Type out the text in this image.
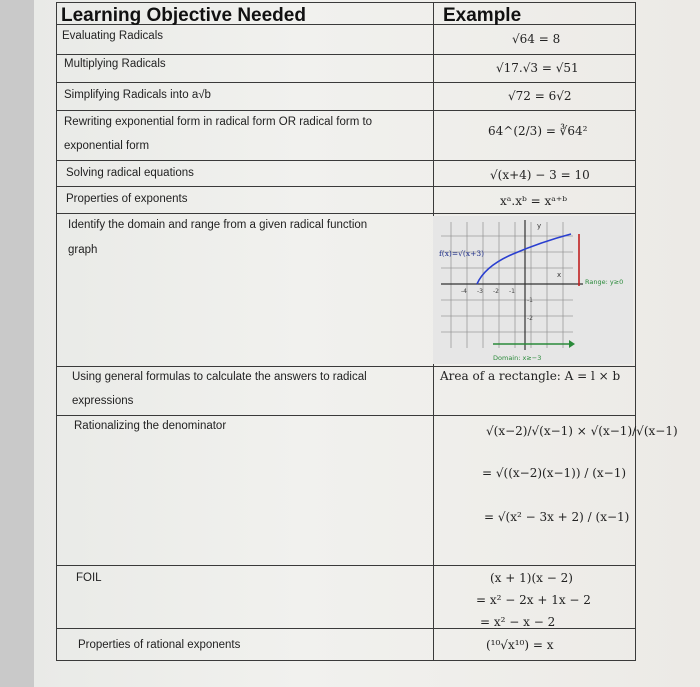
Learning Objective Needed	Example
Evaluating Radicals
Multiplying Radicals
Simplifying Radicals into a√b
Rewriting exponential form in radical form OR radical form to
exponential form
Solving radical equations
Properties of exponents
Identify the domain and range from a given radical function
graph
Using general formulas to calculate the answers to radical
expressions
Rationalizing the denominator
FOIL
Properties of rational exponents
√64 = 8
√17.√3 = √51
√72 = 6√2
64^(2/3) = ∛64²
√(x+4) − 3 = 10
xᵃ.xᵇ = xᵃ⁺ᵇ
y
x
f(x)=√(x+3)
Range: y≥0
Domain: x≥−3
-4 -3 -2 -1
-1
-2
Area of a rectangle: A = l × b
√(x−2)/√(x−1) × √(x−1)/√(x−1)
= √((x−2)(x−1)) / (x−1)
= √(x² − 3x + 2) / (x−1)
(x + 1)(x − 2)
= x² − 2x + 1x − 2
= x² − x − 2
(¹⁰√x¹⁰) = x
